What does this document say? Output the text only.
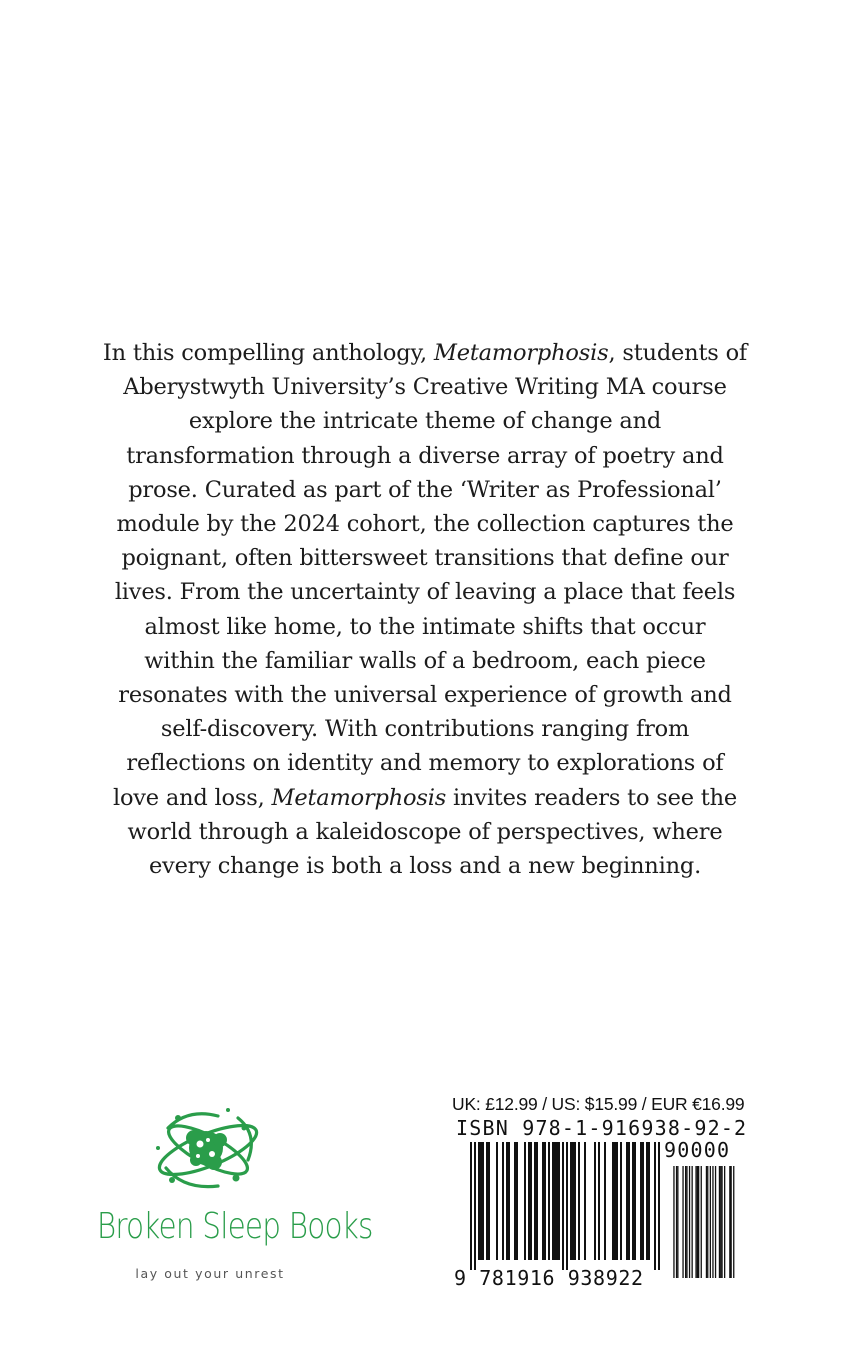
In this compelling anthology, Metamorphosis, students of
Aberystwyth University’s Creative Writing MA course
explore the intricate theme of change and
transformation through a diverse array of poetry and
prose. Curated as part of the ‘Writer as Professional’
module by the 2024 cohort, the collection captures the
poignant, often bittersweet transitions that define our
lives. From the uncertainty of leaving a place that feels
almost like home, to the intimate shifts that occur
within the familiar walls of a bedroom, each piece
resonates with the universal experience of growth and
self-discovery. With contributions ranging from
reflections on identity and memory to explorations of
love and loss, Metamorphosis invites readers to see the
world through a kaleidoscope of perspectives, where
every change is both a loss and a new beginning.

Broken Sleep Books
lay out your unrest
UK: £12.99 / US: $15.99 / EUR €16.99
ISBN 978-1-916938-92-2
90000
9 781916 938922
